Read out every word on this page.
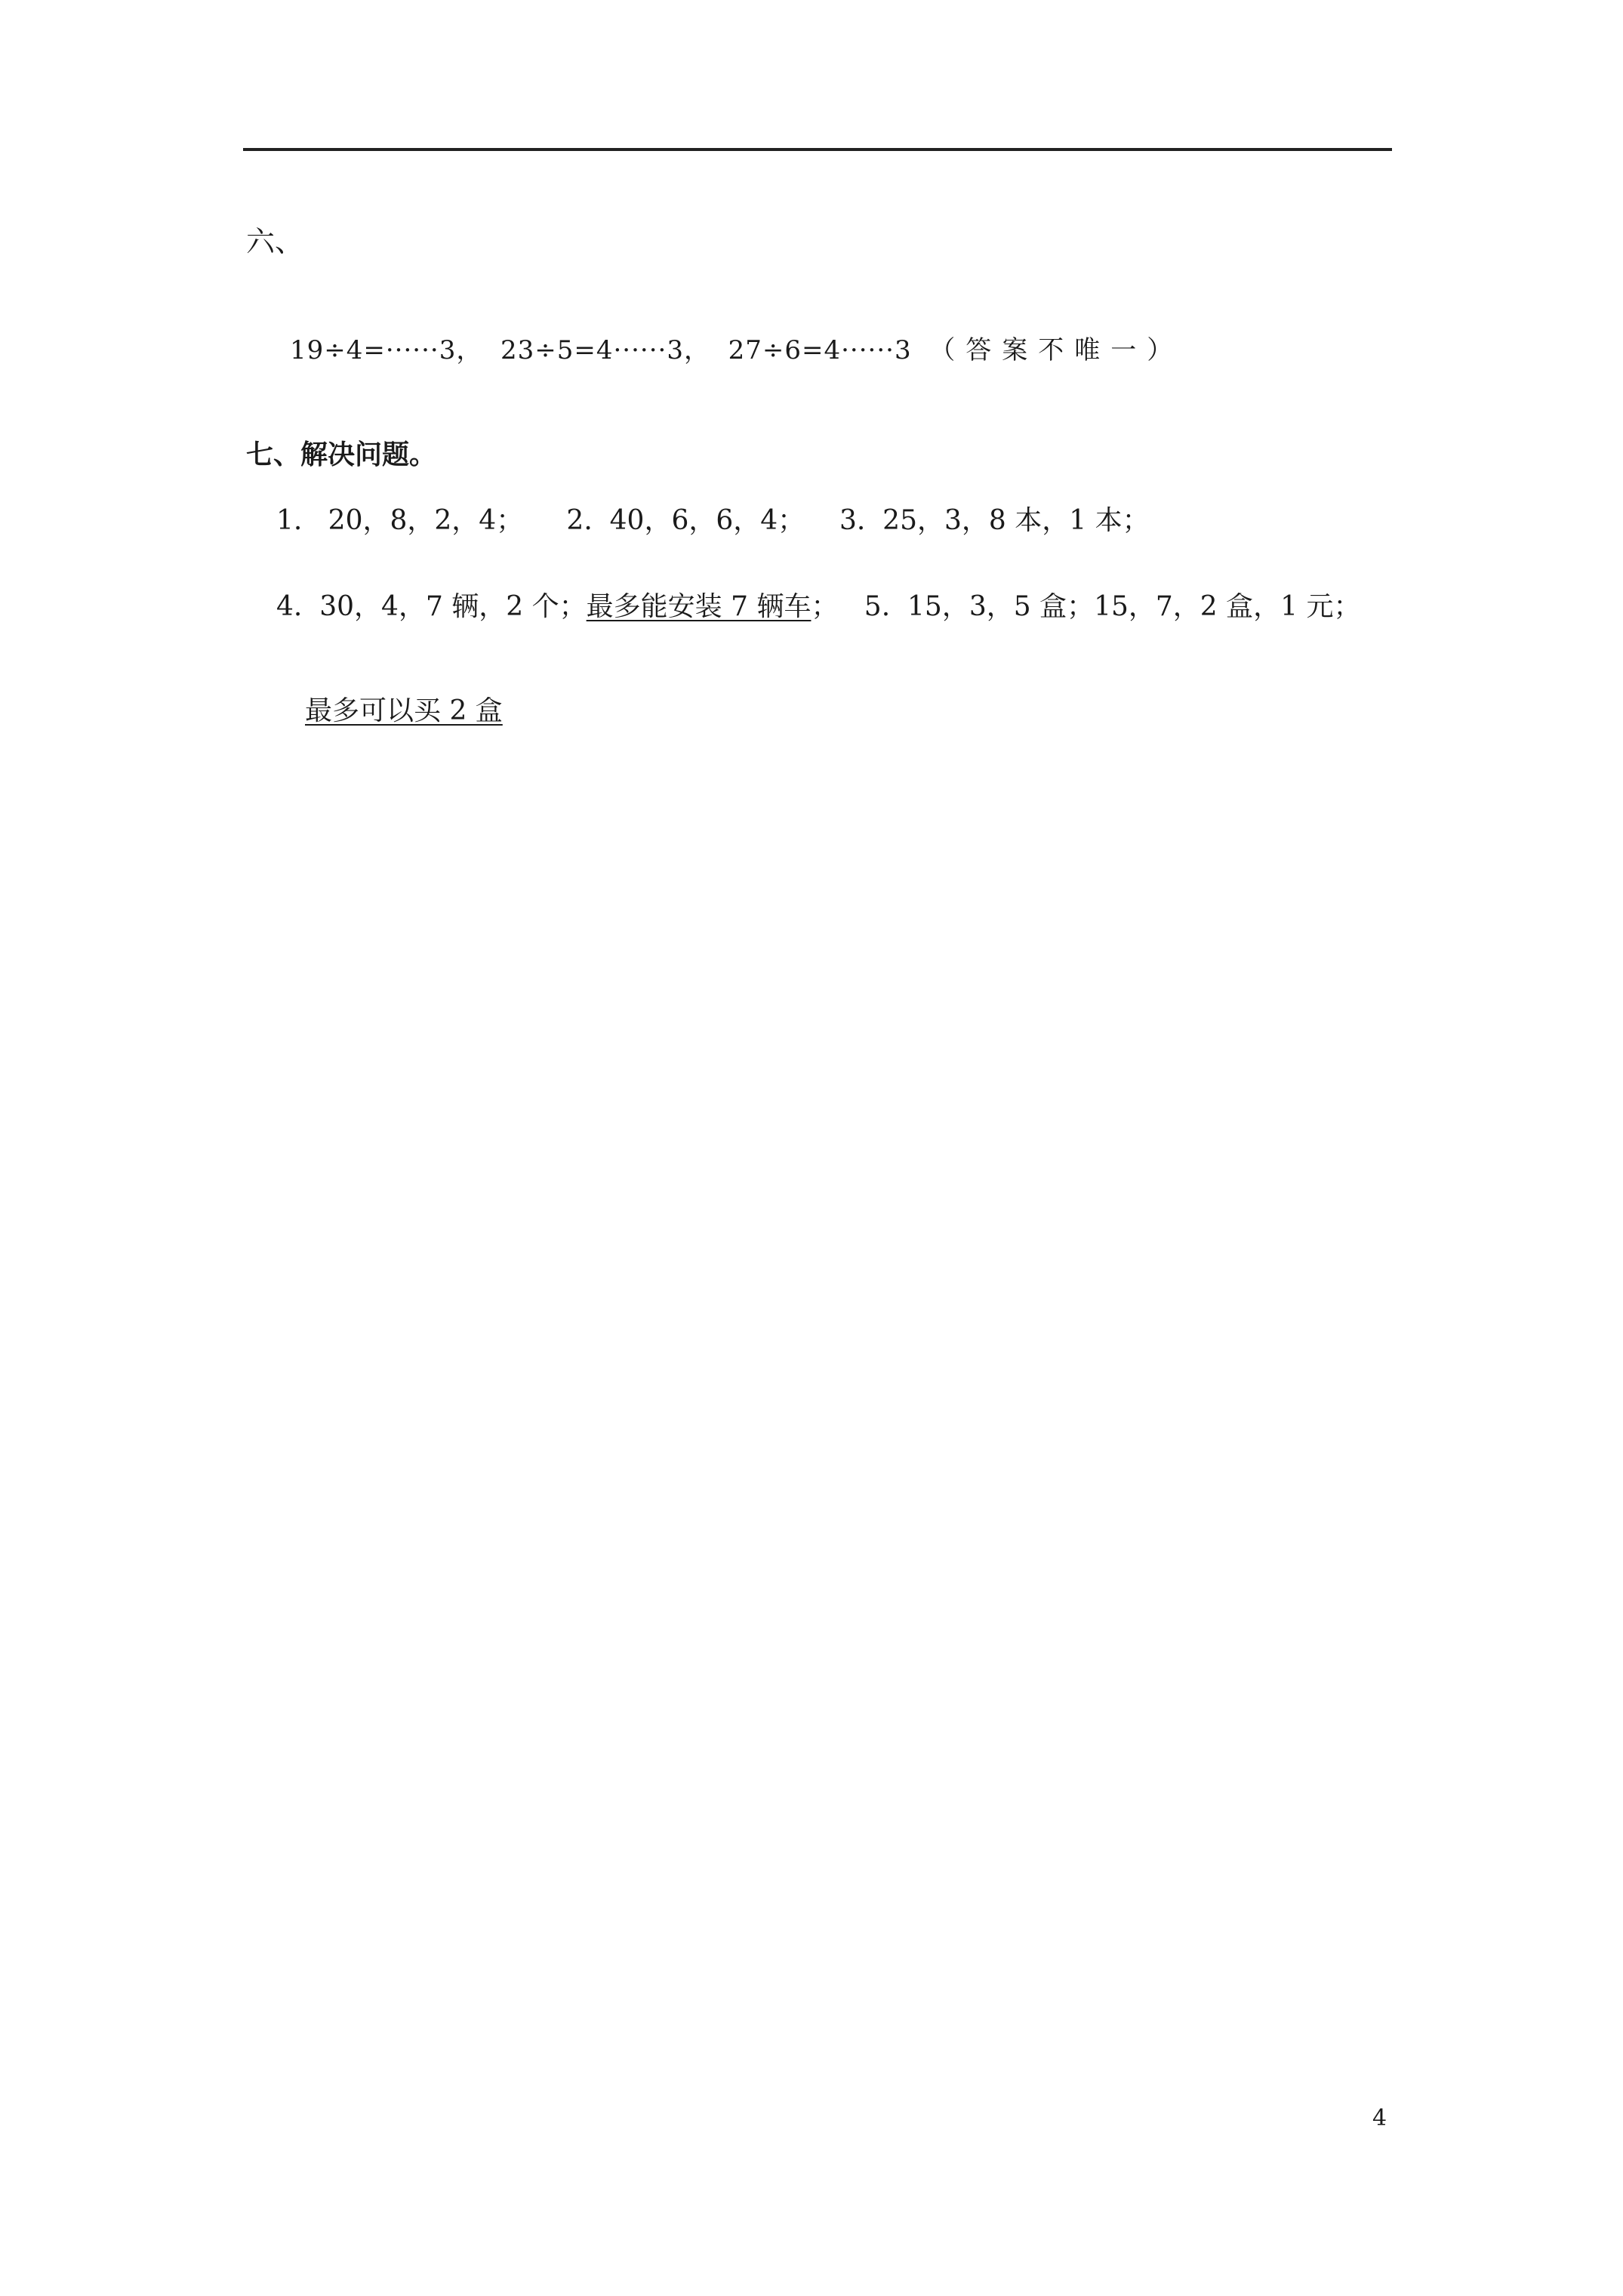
六、
19÷4=······3， 23÷5=4······3， 27÷6=4······3 （答案不唯一）
七、解决问题。
1.   20，8，2，4；     2.  40，6，6，4；    3.  25，3，8 本，1 本；
4.  30，4，7 辆，2 个；最多能安装 7 辆车；   5.  15，3，5 盒；15，7，2 盒，1 元；
最多可以买 2 盒
4
